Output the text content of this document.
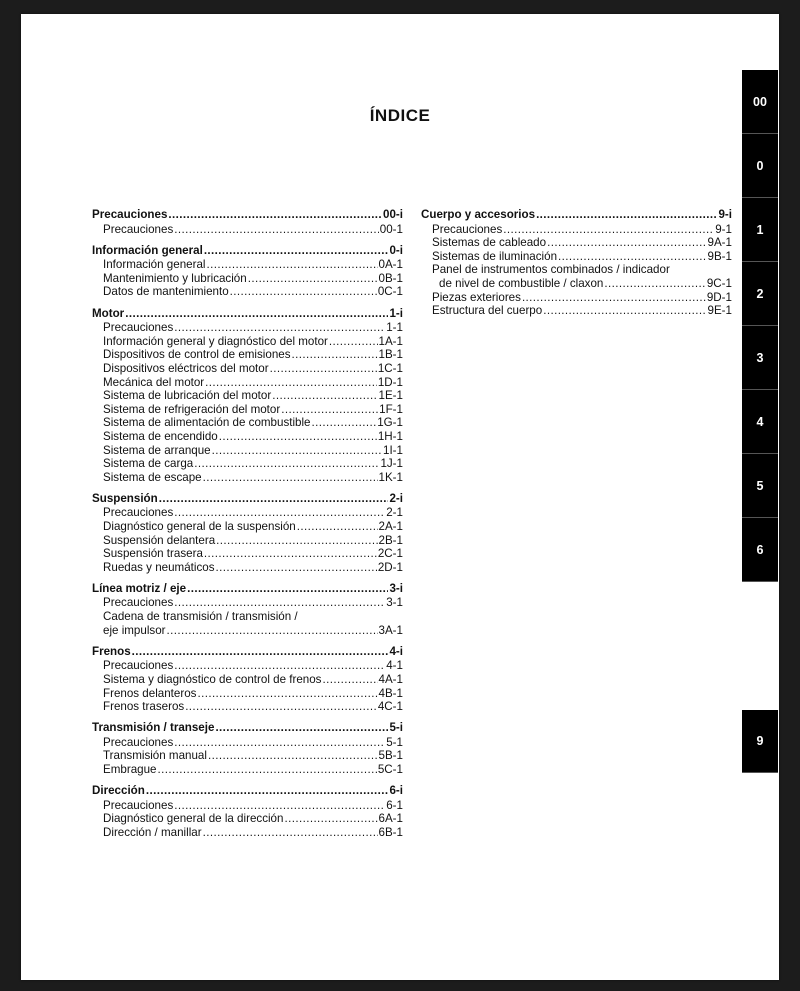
ÍNDICE
Precauciones .....	00-i
Precauciones .....	00-1
Información general .....	0-i
Información general .....	0A-1
Mantenimiento y lubricación .....	0B-1
Datos de mantenimiento .....	0C-1
Motor .....	1-i
Precauciones .....	1-1
Información general y diagnóstico del motor .....	1A-1
Dispositivos de control de emisiones .....	1B-1
Dispositivos eléctricos del motor .....	1C-1
Mecánica del motor .....	1D-1
Sistema de lubricación del motor .....	1E-1
Sistema de refrigeración del motor .....	1F-1
Sistema de alimentación de combustible .....	1G-1
Sistema de encendido .....	1H-1
Sistema de arranque .....	1I-1
Sistema de carga .....	1J-1
Sistema de escape .....	1K-1
Suspensión .....	2-i
Precauciones .....	2-1
Diagnóstico general de la suspensión .....	2A-1
Suspensión delantera .....	2B-1
Suspensión trasera .....	2C-1
Ruedas y neumáticos .....	2D-1
Línea motriz / eje .....	3-i
Precauciones .....	3-1
Cadena de transmisión / transmisión /
eje impulsor .....	3A-1
Frenos .....	4-i
Precauciones .....	4-1
Sistema y diagnóstico de control de frenos .....	4A-1
Frenos delanteros .....	4B-1
Frenos traseros .....	4C-1
Transmisión / transeje .....	5-i
Precauciones .....	5-1
Transmisión manual .....	5B-1
Embrague .....	5C-1
Dirección .....	6-i
Precauciones .....	6-1
Diagnóstico general de la dirección .....	6A-1
Dirección / manillar .....	6B-1
Cuerpo y accesorios .....	9-i
Precauciones .....	9-1
Sistemas de cableado .....	9A-1
Sistemas de iluminación .....	9B-1
Panel de instrumentos combinados / indicador
de nivel de combustible / claxon .....	9C-1
Piezas exteriores .....	9D-1
Estructura del cuerpo .....	9E-1
00
0
1
2
3
4
5
6
9
